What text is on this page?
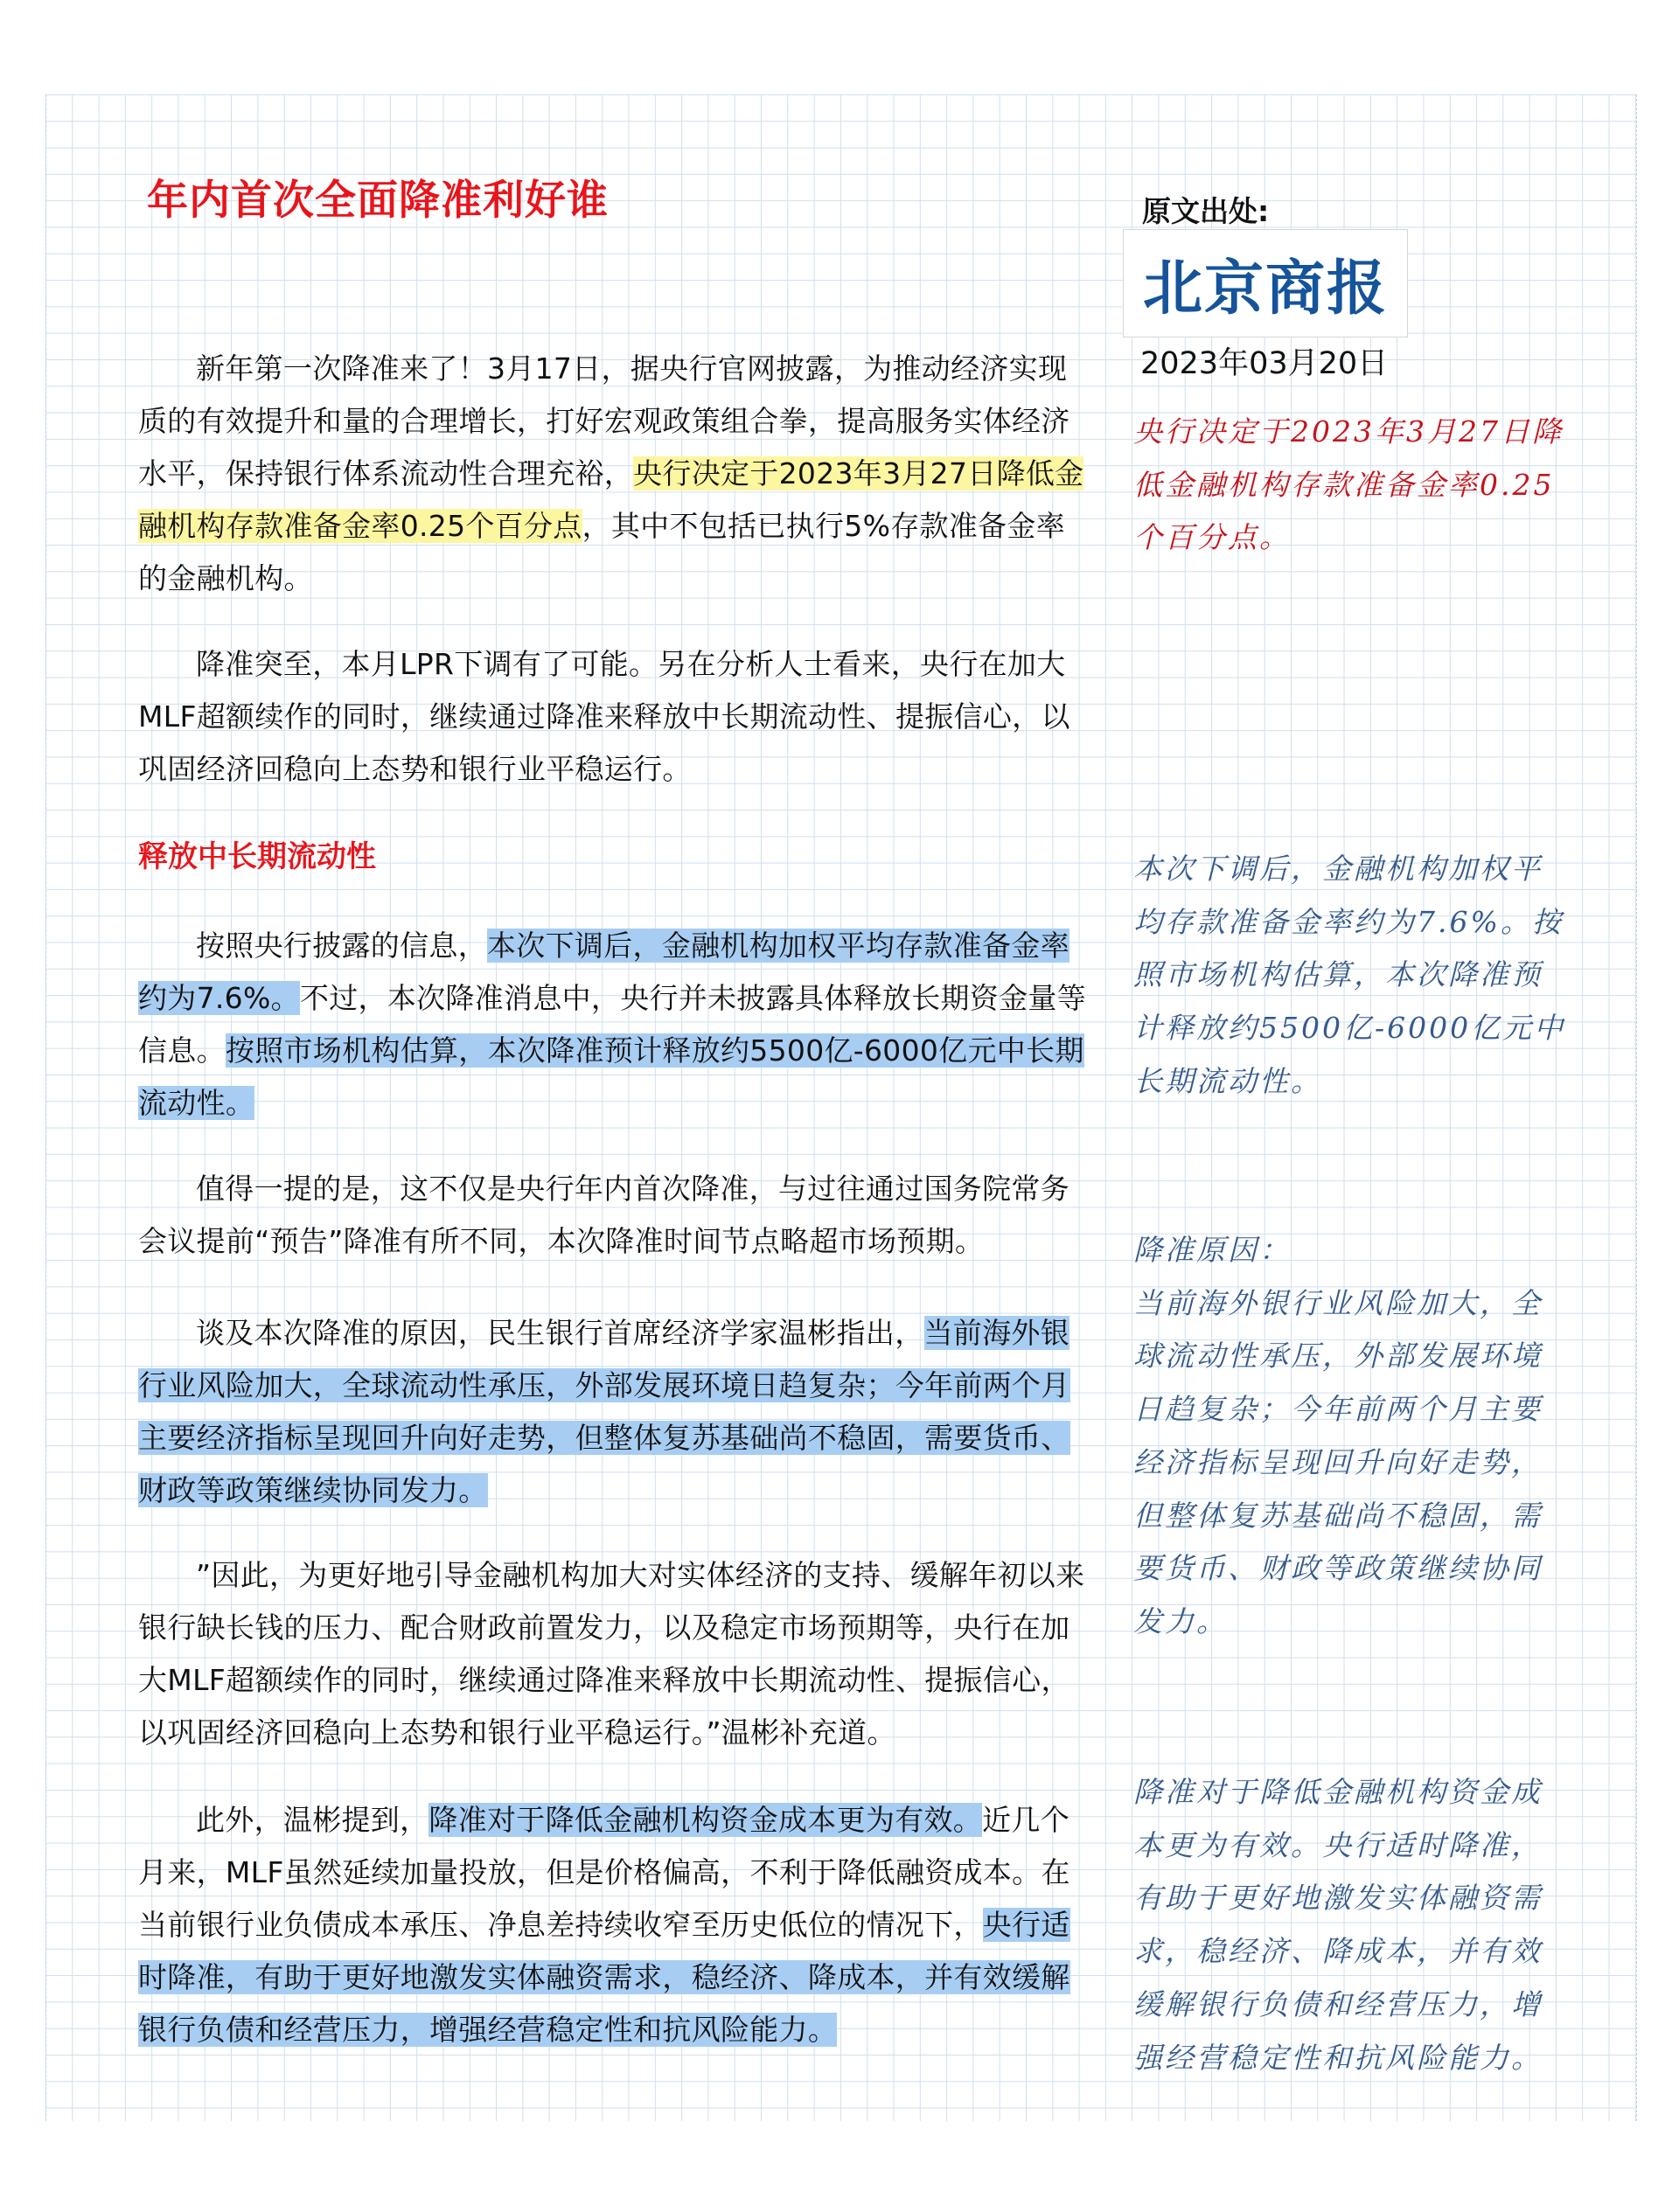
年内首次全面降准利好谁

新年第一次降准来了！3月17日，据央行官网披露，为推动经济实现质的有效提升和量的合理增长，打好宏观政策组合拳，提高服务实体经济水平，保持银行体系流动性合理充裕，央行决定于2023年3月27日降低金融机构存款准备金率0.25个百分点，其中不包括已执行5%存款准备金率的金融机构。

降准突至，本月LPR下调有了可能。另在分析人士看来，央行在加大MLF超额续作的同时，继续通过降准来释放中长期流动性、提振信心，以巩固经济回稳向上态势和银行业平稳运行。

释放中长期流动性

按照央行披露的信息，本次下调后，金融机构加权平均存款准备金率约为7.6%。不过，本次降准消息中，央行并未披露具体释放长期资金量等信息。按照市场机构估算，本次降准预计释放约5500亿-6000亿元中长期流动性。

值得一提的是，这不仅是央行年内首次降准，与过往通过国务院常务会议提前“预告”降准有所不同，本次降准时间节点略超市场预期。

谈及本次降准的原因，民生银行首席经济学家温彬指出，当前海外银行业风险加大，全球流动性承压，外部发展环境日趋复杂；今年前两个月主要经济指标呈现回升向好走势，但整体复苏基础尚不稳固，需要货币、财政等政策继续协同发力。

”因此，为更好地引导金融机构加大对实体经济的支持、缓解年初以来银行缺长钱的压力、配合财政前置发力，以及稳定市场预期等，央行在加大MLF超额续作的同时，继续通过降准来释放中长期流动性、提振信心，以巩固经济回稳向上态势和银行业平稳运行。”温彬补充道。

此外，温彬提到，降准对于降低金融机构资金成本更为有效。近几个月来，MLF虽然延续加量投放，但是价格偏高，不利于降低融资成本。在当前银行业负债成本承压、净息差持续收窄至历史低位的情况下，央行适时降准，有助于更好地激发实体融资需求，稳经济、降成本，并有效缓解银行负债和经营压力，增强经营稳定性和抗风险能力。

原文出处:
北京商报
2023年03月20日
央行决定于2023年3月27日降低金融机构存款准备金率0.25个百分点。
本次下调后，金融机构加权平均存款准备金率约为7.6%。按照市场机构估算，本次降准预计释放约5500亿-6000亿元中长期流动性。
降准原因：
当前海外银行业风险加大，全球流动性承压，外部发展环境日趋复杂；今年前两个月主要经济指标呈现回升向好走势，但整体复苏基础尚不稳固，需要货币、财政等政策继续协同发力。
降准对于降低金融机构资金成本更为有效。央行适时降准，有助于更好地激发实体融资需求，稳经济、降成本，并有效缓解银行负债和经营压力，增强经营稳定性和抗风险能力。
